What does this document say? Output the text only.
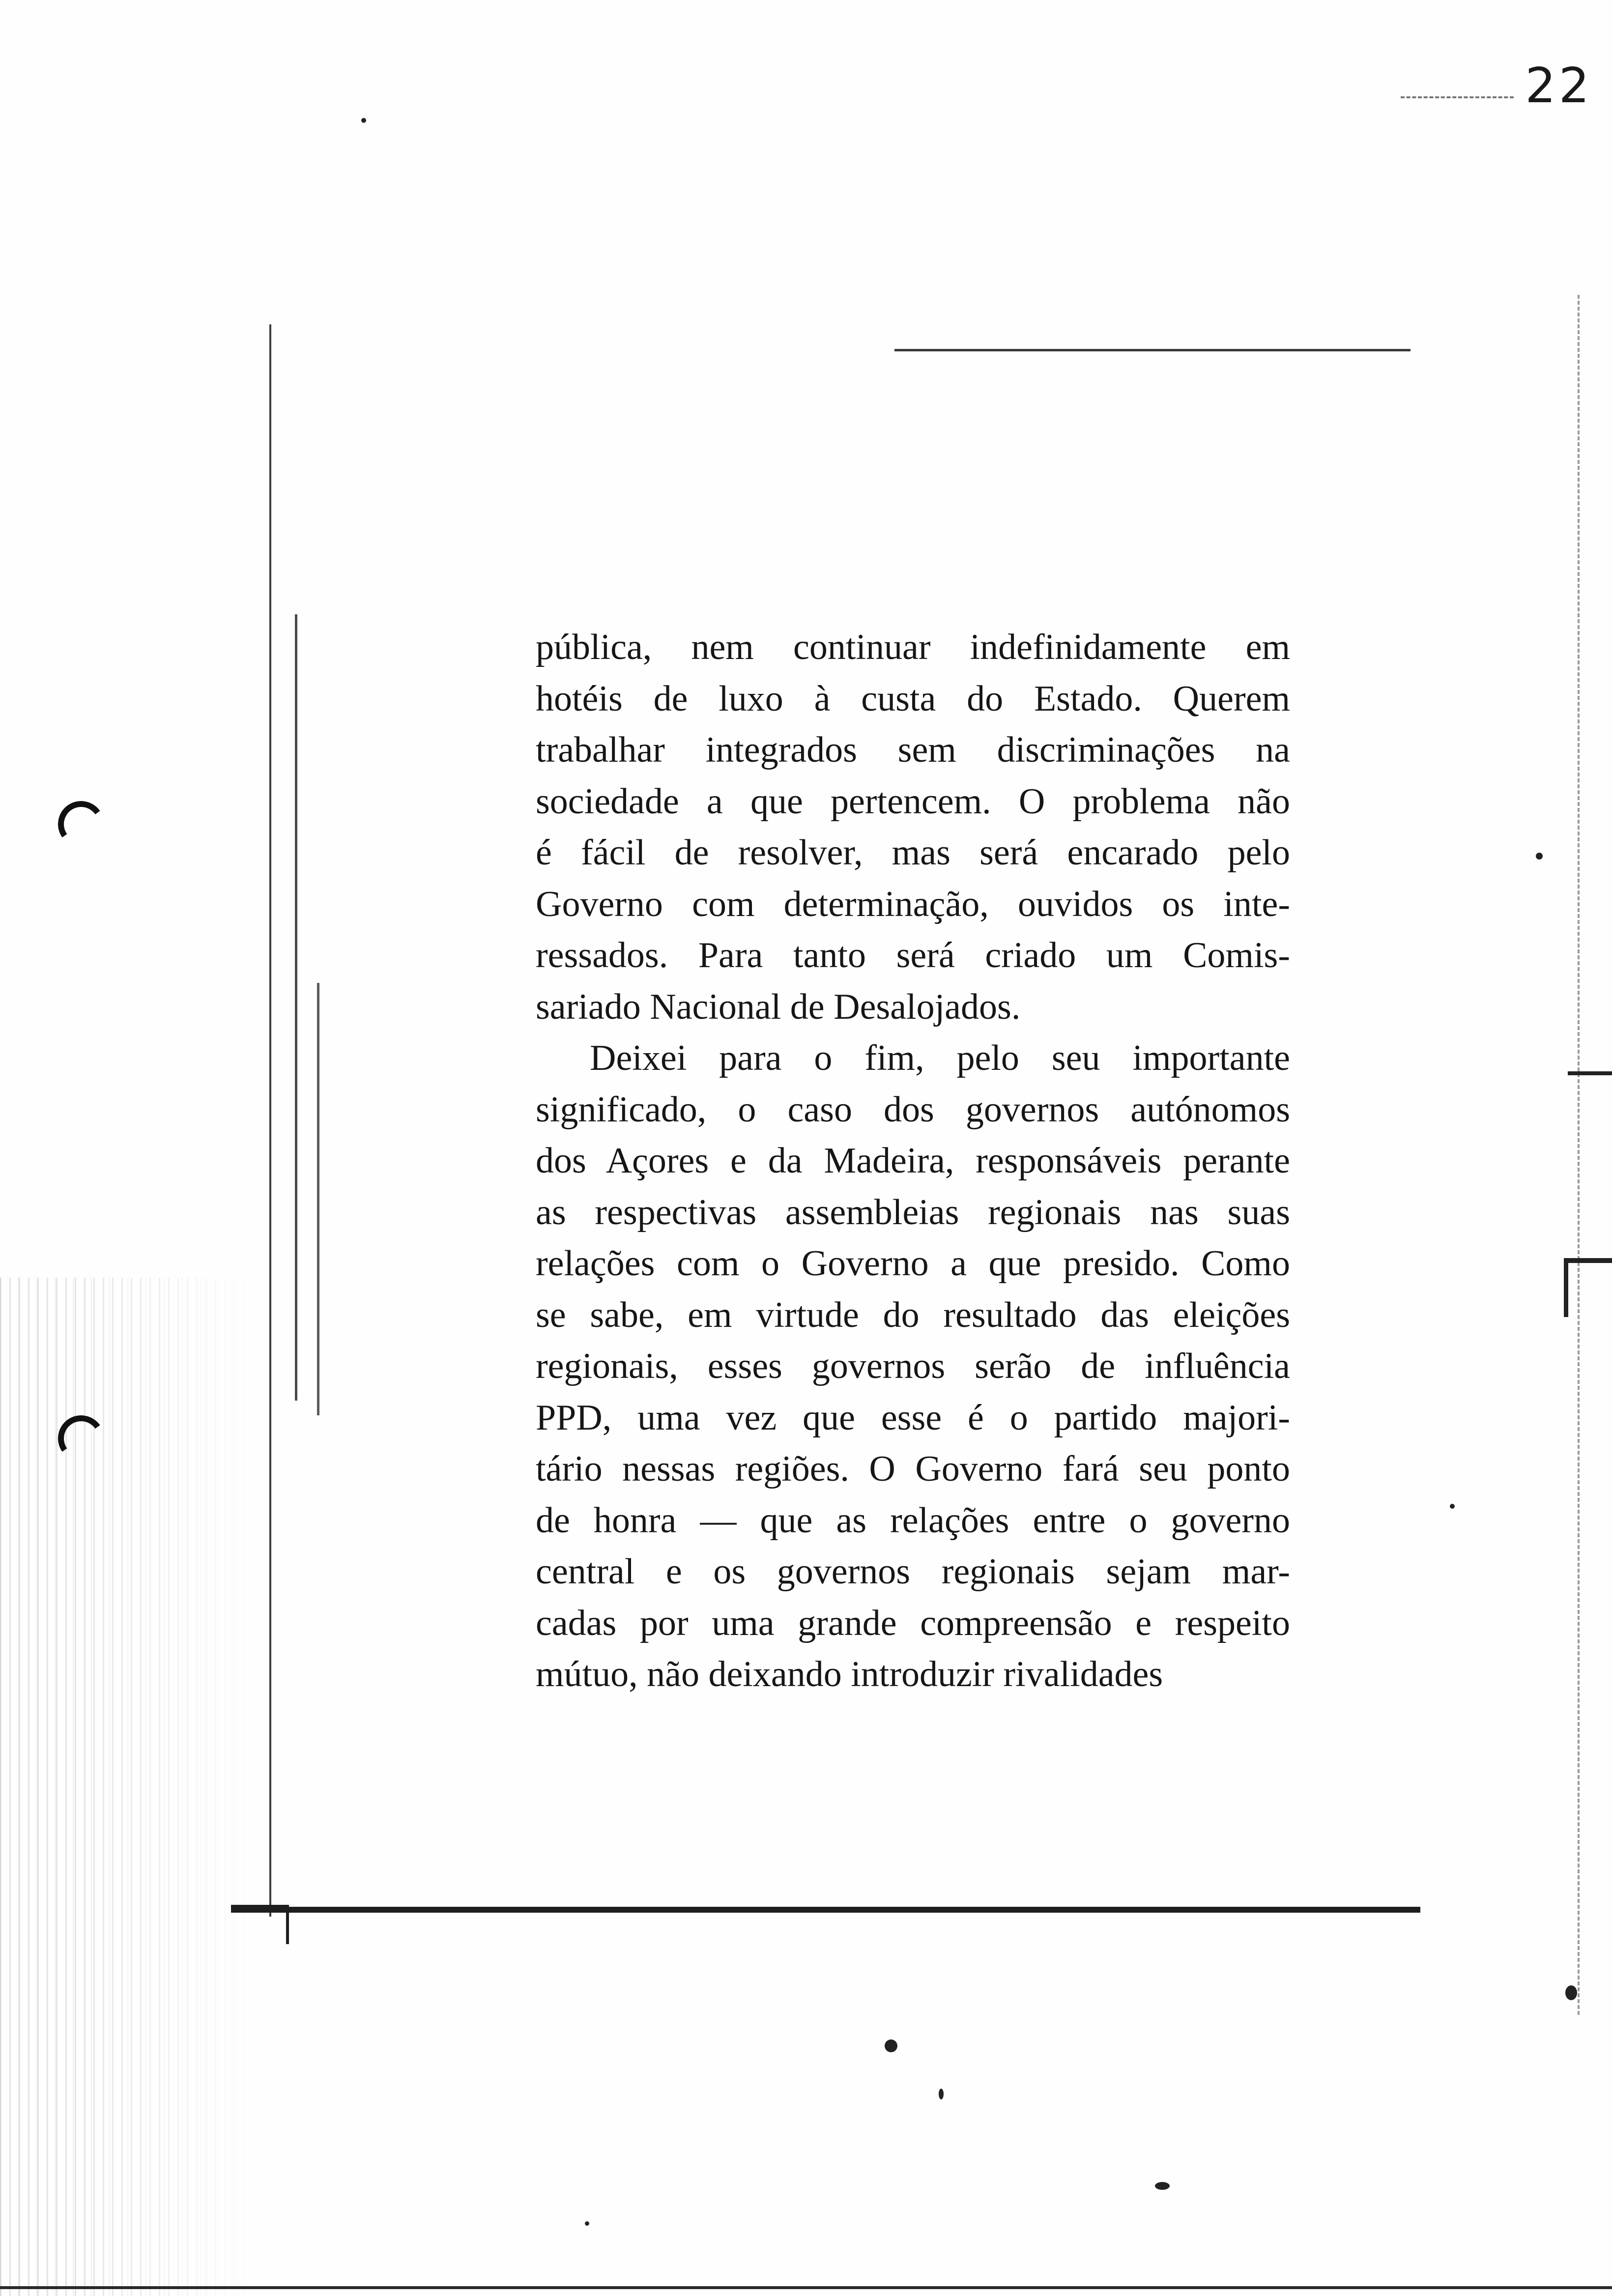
22

pública, nem continuar indefinidamente em
hotéis de luxo à custa do Estado. Querem
trabalhar integrados sem discriminações na
sociedade a que pertencem. O problema não
é fácil de resolver, mas será encarado pelo
Governo com determinação, ouvidos os inte-
ressados. Para tanto será criado um Comis-
sariado Nacional de Desalojados.

Deixei para o fim, pelo seu importante
significado, o caso dos governos autónomos
dos Açores e da Madeira, responsáveis perante
as respectivas assembleias regionais nas suas
relações com o Governo a que presido. Como
se sabe, em virtude do resultado das eleições
regionais, esses governos serão de influência
PPD, uma vez que esse é o partido majori-
tário nessas regiões. O Governo fará seu ponto
de honra — que as relações entre o governo
central e os governos regionais sejam mar-
cadas por uma grande compreensão e respeito
mútuo, não deixando introduzir rivalidades
